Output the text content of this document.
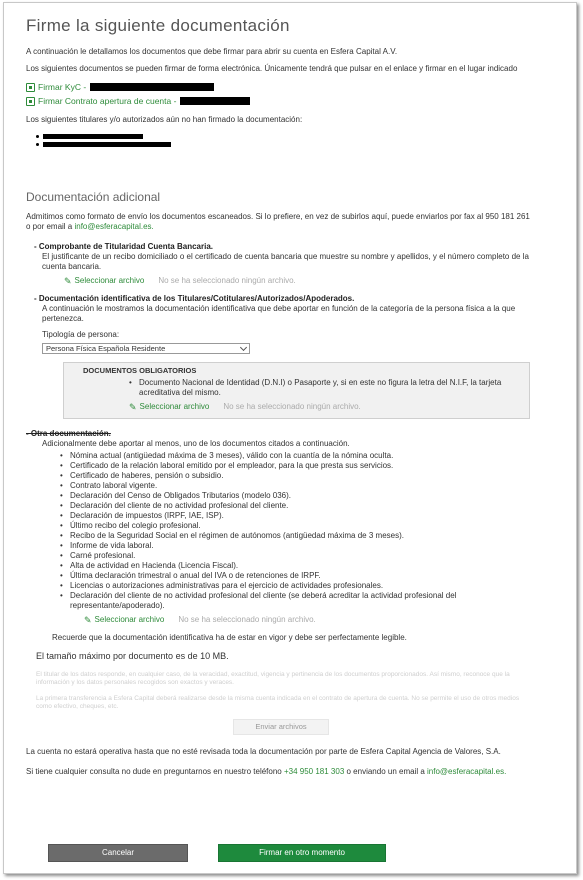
Firme la siguiente documentación

A continuación le detallamos los documentos que debe firmar para abrir su cuenta en Esfera Capital A.V.

Los siguientes documentos se pueden firmar de forma electrónica. Únicamente tendrá que pulsar en el enlace y firmar en el lugar indicado

Firmar KyC -
Firmar Contrato apertura de cuenta -

Los siguientes titulares y/o autorizados aún no han firmado la documentación:

Documentación adicional

Admitimos como formato de envío los documentos escaneados. Si lo prefiere, en vez de subirlos aquí, puede enviarlos por fax al 950 181 261 o por email a info@esferacapital.es.

- Comprobante de Titularidad Cuenta Bancaria.

El justificante de un recibo domiciliado o el certificado de cuenta bancaria que muestre su nombre y apellidos, y el número completo de la cuenta bancaria.

✎ Seleccionar archivo No se ha seleccionado ningún archivo.
- Documentación identificativa de los Titulares/Cotitulares/Autorizados/Apoderados.

A continuación le mostramos la documentación identificativa que debe aportar en función de la categoría de la persona física a la que pertenezca.

Tipología de persona:
Persona Física Española Residente
DOCUMENTOS OBLIGATORIOS
• Documento Nacional de Identidad (D.N.I) o Pasaporte y, si en este no figura la letra del N.I.F, la tarjeta acreditativa del mismo.
✎ Seleccionar archivo No se ha seleccionado ningún archivo.
- Otra documentación.

Adicionalmente debe aportar al menos, uno de los documentos citados a continuación.

• Nómina actual (antigüedad máxima de 3 meses), válido con la cuantía de la nómina oculta.
• Certificado de la relación laboral emitido por el empleador, para la que presta sus servicios.
• Certificado de haberes, pensión o subsidio.
• Contrato laboral vigente.
• Declaración del Censo de Obligados Tributarios (modelo 036).
• Declaración del cliente de no actividad profesional del cliente.
• Declaración de impuestos (IRPF, IAE, ISP).
• Último recibo del colegio profesional.
• Recibo de la Seguridad Social en el régimen de autónomos (antigüedad máxima de 3 meses).
• Informe de vida laboral.
• Carné profesional.
• Alta de actividad en Hacienda (Licencia Fiscal).
• Última declaración trimestral o anual del IVA o de retenciones de IRPF.
• Licencias o autorizaciones administrativas para el ejercicio de actividades profesionales.
• Declaración del cliente de no actividad profesional del cliente (se deberá acreditar la actividad profesional del representante/apoderado).
✎ Seleccionar archivo No se ha seleccionado ningún archivo.

Recuerde que la documentación identificativa ha de estar en vigor y debe ser perfectamente legible.

El tamaño máximo por documento es de 10 MB.
El titular de los datos responde, en cualquier caso, de la veracidad, exactitud, vigencia y pertinencia de los documentos proporcionados. Así mismo, reconoce que la información y los datos personales recogidos son exactos y veraces.
La primera transferencia a Esfera Capital deberá realizarse desde la misma cuenta indicada en el contrato de apertura de cuenta. No se permite el uso de otros medios como efectivo, cheques, etc.
Enviar archivos

La cuenta no estará operativa hasta que no esté revisada toda la documentación por parte de Esfera Capital Agencia de Valores, S.A.

Si tiene cualquier consulta no dude en preguntarnos en nuestro teléfono +34 950 181 303 o enviando un email a info@esferacapital.es.

Cancelar	Firmar en otro momento
